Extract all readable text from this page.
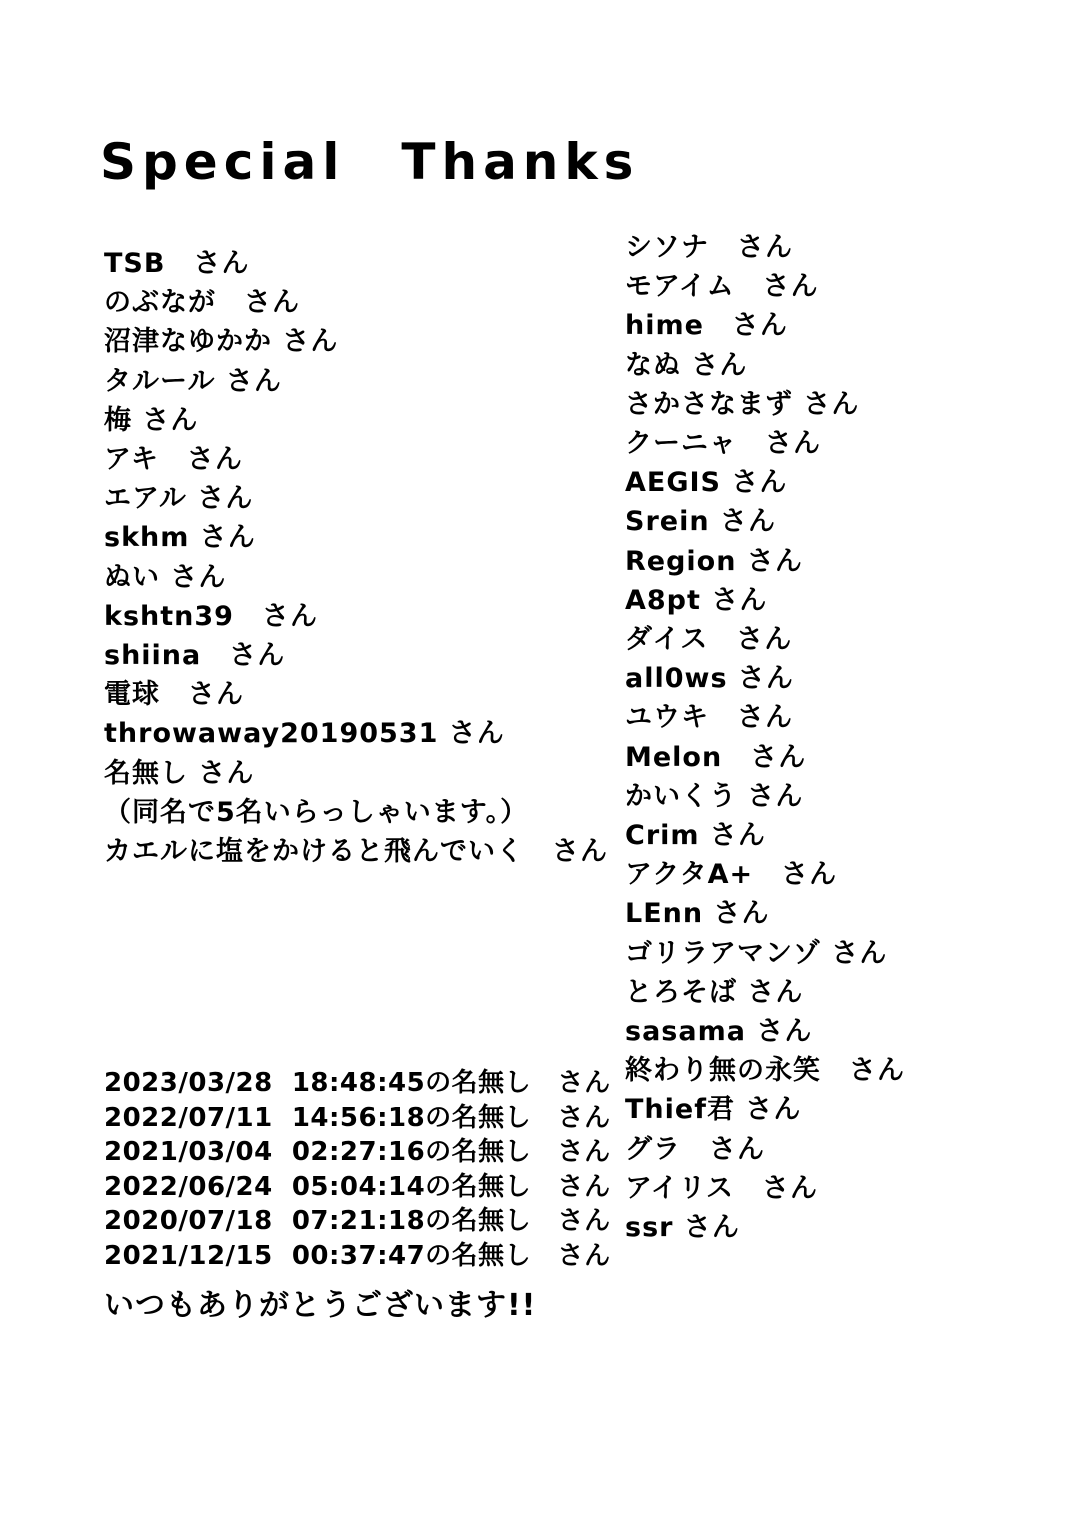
Special　Thanks
TSB　さん
のぶなが　さん
沼津なゆかか さん
タルール さん
梅 さん
アキ　さん
エアル さん
skhm さん
ぬい さん
kshtn39　さん
shiina　さん
電球　さん
throwaway20190531 さん
名無し さん
（同名で5名いらっしゃいます。）
カエルに塩をかけると飛んでいく　さん
シソナ　さん
モアイム　さん
hime　さん
なぬ さん
さかさなまず さん
クーニャ　さん
AEGIS さん
Srein さん
Region さん
A8pt さん
ダイス　さん
all0ws さん
ユウキ　さん
Melon　さん
かいくう さん
Crim さん
アクタA+　さん
LEnn さん
ゴリラアマンゾ さん
とろそば さん
sasama さん
終わり無の永笑　さん
Thief君 さん
グラ　さん
アイリス　さん
ssr さん
2023/03/28  18:48:45の名無し　さん
2022/07/11  14:56:18の名無し　さん
2021/03/04  02:27:16の名無し　さん
2022/06/24  05:04:14の名無し　さん
2020/07/18  07:21:18の名無し　さん
2021/12/15  00:37:47の名無し　さん
いつもありがとうございます!!
